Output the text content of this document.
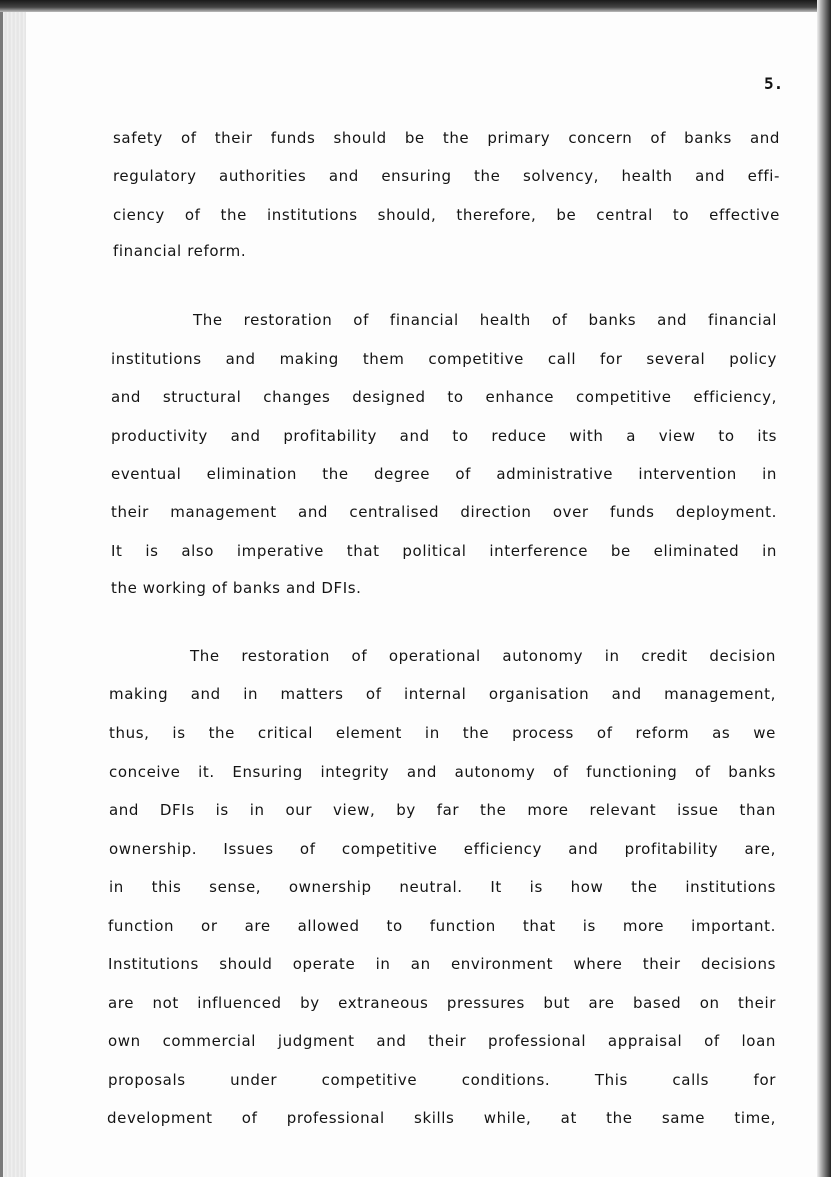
5.
safety of their funds should be the primary concern of banks and
regulatory authorities and ensuring the solvency, health and effi-
ciency of the institutions should, therefore, be central to effective
financial reform.
The restoration of financial health of banks and financial
institutions and making them competitive call for several policy
and structural changes designed to enhance competitive efficiency,
productivity and profitability and to reduce with a view to its
eventual elimination the degree of administrative intervention in
their management and centralised direction over funds deployment.
It is also imperative that political interference be eliminated in
the working of banks and DFIs.
The restoration of operational autonomy in credit decision
making and in matters of internal organisation and management,
thus, is the critical element in the process of reform as we
conceive it. Ensuring integrity and autonomy of functioning of banks
and DFIs is in our view, by far the more relevant issue than
ownership. Issues of competitive efficiency and profitability are,
in this sense, ownership neutral. It is how the institutions
function or are allowed to function that is more important.
Institutions should operate in an environment where their decisions
are not influenced by extraneous pressures but are based on their
own commercial judgment and their professional appraisal of loan
proposals under competitive conditions. This calls for
development of professional skills while, at the same time,
